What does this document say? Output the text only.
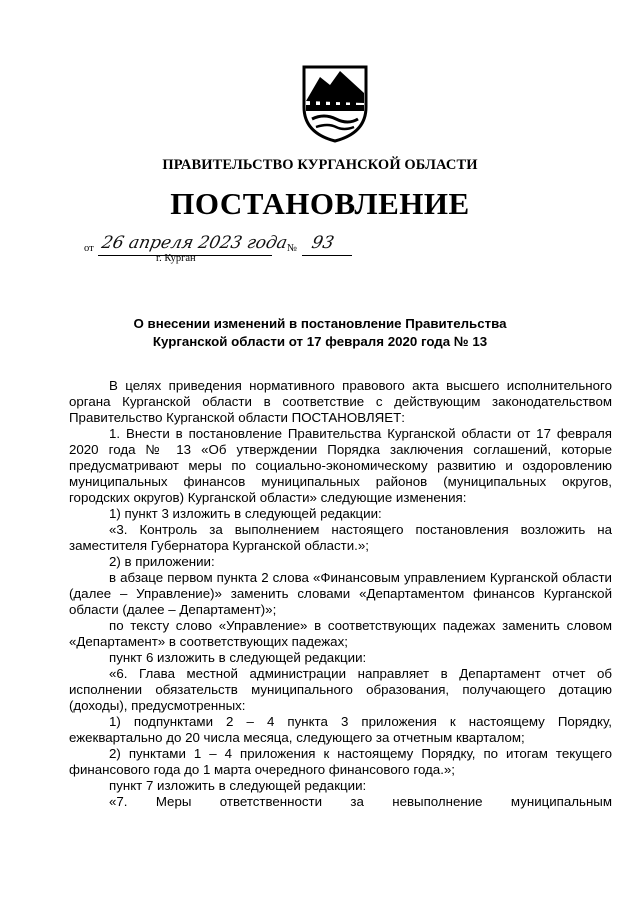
ПРАВИТЕЛЬСТВО КУРГАНСКОЙ ОБЛАСТИ
ПОСТАНОВЛЕНИЕ
от 26 апреля 2023 года
№ 93
г. Курган
О внесении изменений в постановление Правительства
Курганской области от 17 февраля 2020 года № 13

В целях приведения нормативного правового акта высшего исполнительного органа Курганской области в соответствие с действующим законодательством Правительство Курганской области ПОСТАНОВЛЯЕТ:

1. Внести в постановление Правительства Курганской области от 17 февраля 2020 года № 13 «Об утверждении Порядка заключения соглашений, которые предусматривают меры по социально-экономическому развитию и оздоровлению муниципальных финансов муниципальных районов (муниципальных округов, городских округов) Курганской области» следующие изменения:

1) пункт 3 изложить в следующей редакции:

«3. Контроль за выполнением настоящего постановления возложить на заместителя Губернатора Курганской области.»;

2) в приложении:

в абзаце первом пункта 2 слова «Финансовым управлением Курганской области (далее – Управление)» заменить словами «Департаментом финансов Курганской области (далее – Департамент)»;

по тексту слово «Управление» в соответствующих падежах заменить словом «Департамент» в соответствующих падежах;

пункт 6 изложить в следующей редакции:

«6. Глава местной администрации направляет в Департамент отчет об исполнении обязательств муниципального образования, получающего дотацию (доходы), предусмотренных:

1) подпунктами 2 – 4 пункта 3 приложения к настоящему Порядку, ежеквартально до 20 числа месяца, следующего за отчетным кварталом;

2) пунктами 1 – 4 приложения к настоящему Порядку, по итогам текущего финансового года до 1 марта очередного финансового года.»;

пункт 7 изложить в следующей редакции:

«7. Меры ответственности за невыполнение муниципальным
